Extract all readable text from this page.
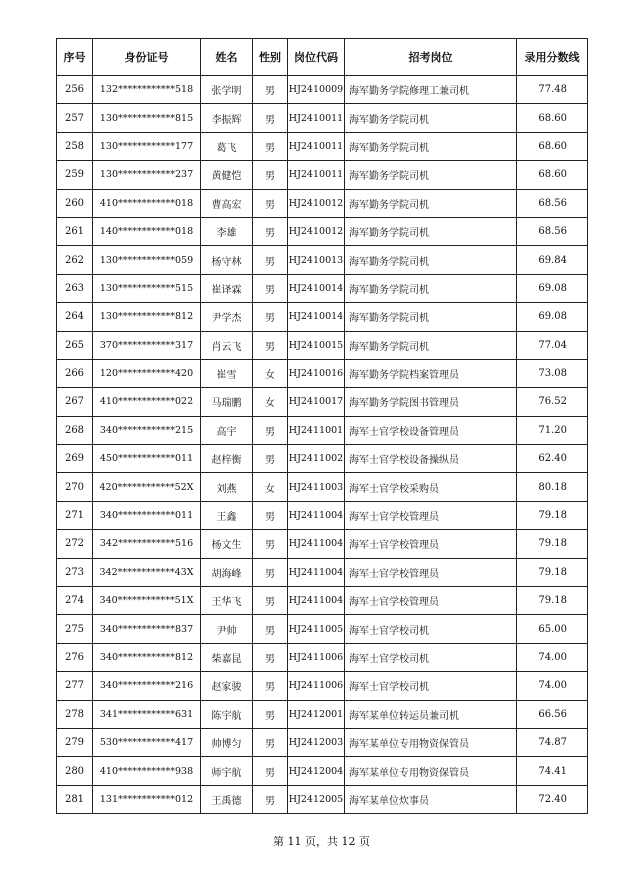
序号	身份证号	姓名	性别	岗位代码	招考岗位	录用分数线
256	132************518	张学明	男	HJ2410009	海军勤务学院修理工兼司机	77.48
257	130************815	李振辉	男	HJ2410011	海军勤务学院司机	68.60
258	130************177	葛飞	男	HJ2410011	海军勤务学院司机	68.60
259	130************237	黄健恺	男	HJ2410011	海军勤务学院司机	68.60
260	410************018	曹高宏	男	HJ2410012	海军勤务学院司机	68.56
261	140************018	李雄	男	HJ2410012	海军勤务学院司机	68.56
262	130************059	杨守林	男	HJ2410013	海军勤务学院司机	69.84
263	130************515	崔译霖	男	HJ2410014	海军勤务学院司机	69.08
264	130************812	尹学杰	男	HJ2410014	海军勤务学院司机	69.08
265	370************317	肖云飞	男	HJ2410015	海军勤务学院司机	77.04
266	120************420	崔雪	女	HJ2410016	海军勤务学院档案管理员	73.08
267	410************022	马瑞鹏	女	HJ2410017	海军勤务学院图书管理员	76.52
268	340************215	高宇	男	HJ2411001	海军士官学校设备管理员	71.20
269	450************011	赵梓衡	男	HJ2411002	海军士官学校设备操纵员	62.40
270	420************52X	刘燕	女	HJ2411003	海军士官学校采购员	80.18
271	340************011	王鑫	男	HJ2411004	海军士官学校管理员	79.18
272	342************516	杨文生	男	HJ2411004	海军士官学校管理员	79.18
273	342************43X	胡海峰	男	HJ2411004	海军士官学校管理员	79.18
274	340************51X	王华飞	男	HJ2411004	海军士官学校管理员	79.18
275	340************837	尹帅	男	HJ2411005	海军士官学校司机	65.00
276	340************812	柴嘉昆	男	HJ2411006	海军士官学校司机	74.00
277	340************216	赵家骏	男	HJ2411006	海军士官学校司机	74.00
278	341************631	陈宇航	男	HJ2412001	海军某单位转运员兼司机	66.56
279	530************417	帅博匀	男	HJ2412003	海军某单位专用物资保管员	74.87
280	410************938	师宇航	男	HJ2412004	海军某单位专用物资保管员	74.41
281	131************012	王禹德	男	HJ2412005	海军某单位炊事员	72.40
第 11 页，共 12 页
